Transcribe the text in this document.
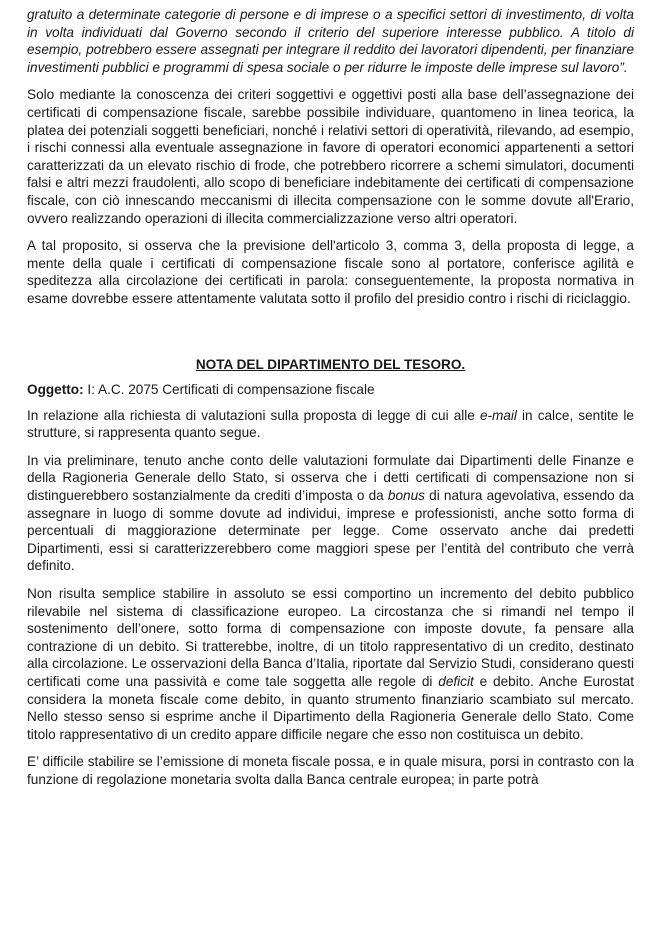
gratuito a determinate categorie di persone e di imprese o a specifici settori di investimento, di volta in volta individuati dal Governo secondo il criterio del superiore interesse pubblico. A titolo di esempio, potrebbero essere assegnati per integrare il reddito dei lavoratori dipendenti, per finanziare investimenti pubblici e programmi di spesa sociale o per ridurre le imposte delle imprese sul lavoro”.

Solo mediante la conoscenza dei criteri soggettivi e oggettivi posti alla base dell’assegnazione dei certificati di compensazione fiscale, sarebbe possibile individuare, quantomeno in linea teorica, la platea dei potenziali soggetti beneficiari, nonché i relativi settori di operatività, rilevando, ad esempio, i rischi connessi alla eventuale assegnazione in favore di operatori economici appartenenti a settori caratterizzati da un elevato rischio di frode, che potrebbero ricorrere a schemi simulatori, documenti falsi e altri mezzi fraudolenti, allo scopo di beneficiare indebitamente dei certificati di compensazione fiscale, con ciò innescando meccanismi di illecita compensazione con le somme dovute all'Erario, ovvero realizzando operazioni di illecita commercializzazione verso altri operatori.

A tal proposito, si osserva che la previsione dell'articolo 3, comma 3, della proposta di legge, a mente della quale i certificati di compensazione fiscale sono al portatore, conferisce agilità e speditezza alla circolazione dei certificati in parola: conseguentemente, la proposta normativa in esame dovrebbe essere attentamente valutata sotto il profilo del presidio contro i rischi di riciclaggio.

NOTA DEL DIPARTIMENTO DEL TESORO.

Oggetto: I: A.C. 2075 Certificati di compensazione fiscale

In relazione alla richiesta di valutazioni sulla proposta di legge di cui alle e-mail in calce, sentite le strutture, si rappresenta quanto segue.

In via preliminare, tenuto anche conto delle valutazioni formulate dai Dipartimenti delle Finanze e della Ragioneria Generale dello Stato, si osserva che i detti certificati di compensazione non si distinguerebbero sostanzialmente da crediti d’imposta o da bonus di natura agevolativa, essendo da assegnare in luogo di somme dovute ad individui, imprese e professionisti, anche sotto forma di percentuali di maggiorazione determinate per legge. Come osservato anche dai predetti Dipartimenti, essi si caratterizzerebbero come maggiori spese per l’entità del contributo che verrà definito.

Non risulta semplice stabilire in assoluto se essi comportino un incremento del debito pubblico rilevabile nel sistema di classificazione europeo. La circostanza che si rimandi nel tempo il sostenimento dell’onere, sotto forma di compensazione con imposte dovute, fa pensare alla contrazione di un debito. Si tratterebbe, inoltre, di un titolo rappresentativo di un credito, destinato alla circolazione. Le osservazioni della Banca d’Italia, riportate dal Servizio Studi, considerano questi certificati come una passività e come tale soggetta alle regole di deficit e debito. Anche Eurostat considera la moneta fiscale come debito, in quanto strumento finanziario scambiato sul mercato. Nello stesso senso si esprime anche il Dipartimento della Ragioneria Generale dello Stato. Come titolo rappresentativo di un credito appare difficile negare che esso non costituisca un debito.

E’ difficile stabilire se l’emissione di moneta fiscale possa, e in quale misura, porsi in contrasto con la funzione di regolazione monetaria svolta dalla Banca centrale europea; in parte potrà
